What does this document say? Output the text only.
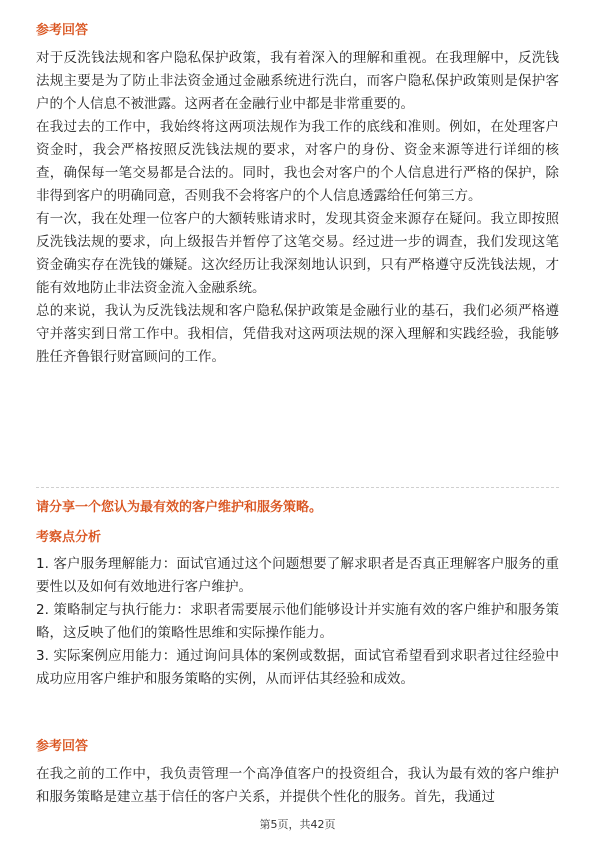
参考回答

对于反洗钱法规和客户隐私保护政策，我有着深入的理解和重视。在我理解中，反洗钱法规主要是为了防止非法资金通过金融系统进行洗白，而客户隐私保护政策则是保护客户的个人信息不被泄露。这两者在金融行业中都是非常重要的。

在我过去的工作中，我始终将这两项法规作为我工作的底线和准则。例如，在处理客户资金时，我会严格按照反洗钱法规的要求，对客户的身份、资金来源等进行详细的核查，确保每一笔交易都是合法的。同时，我也会对客户的个人信息进行严格的保护，除非得到客户的明确同意，否则我不会将客户的个人信息透露给任何第三方。

有一次，我在处理一位客户的大额转账请求时，发现其资金来源存在疑问。我立即按照反洗钱法规的要求，向上级报告并暂停了这笔交易。经过进一步的调查，我们发现这笔资金确实存在洗钱的嫌疑。这次经历让我深刻地认识到，只有严格遵守反洗钱法规，才能有效地防止非法资金流入金融系统。

总的来说，我认为反洗钱法规和客户隐私保护政策是金融行业的基石，我们必须严格遵守并落实到日常工作中。我相信，凭借我对这两项法规的深入理解和实践经验，我能够胜任齐鲁银行财富顾问的工作。

请分享一个您认为最有效的客户维护和服务策略。

考察点分析

1. 客户服务理解能力：面试官通过这个问题想要了解求职者是否真正理解客户服务的重要性以及如何有效地进行客户维护。

2. 策略制定与执行能力：求职者需要展示他们能够设计并实施有效的客户维护和服务策略，这反映了他们的策略性思维和实际操作能力。

3. 实际案例应用能力：通过询问具体的案例或数据，面试官希望看到求职者过往经验中成功应用客户维护和服务策略的实例，从而评估其经验和成效。

参考回答

在我之前的工作中，我负责管理一个高净值客户的投资组合，我认为最有效的客户维护和服务策略是建立基于信任的客户关系，并提供个性化的服务。首先，我通过

第5页，共42页
